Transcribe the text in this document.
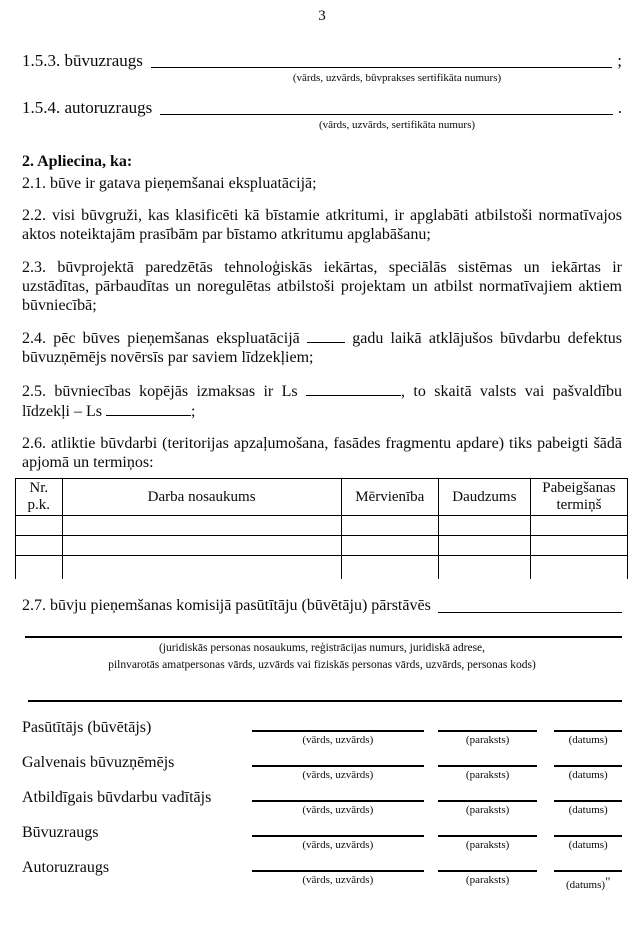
3
1.5.3. būvuzraugs	;
(vārds, uzvārds, būvprakses sertifikāta numurs)
1.5.4. autoruzraugs	.
(vārds, uzvārds, sertifikāta numurs)
2. Apliecina, ka:

2.1. būve ir gatava pieņemšanai ekspluatācijā;

2.2. visi būvgruži, kas klasificēti kā bīstamie atkritumi, ir apglabāti atbilstoši normatīvajos aktos noteiktajām prasībām par bīstamo atkritumu apglabāšanu;

2.3. būvprojektā paredzētās tehnoloģiskās iekārtas, speciālās sistēmas un iekārtas ir uzstādītas, pārbaudītas un noregulētas atbilstoši projektam un atbilst normatīvajiem aktiem būvniecībā;

2.4. pēc būves pieņemšanas ekspluatācijā  gadu laikā atklājušos būvdarbu defektus būvuzņēmējs novērsīs par saviem līdzekļiem;

2.5. būvniecības kopējās izmaksas ir Ls	, to skaitā valsts vai pašvaldību līdzekļi – Ls	;

2.6. atliktie būvdarbi (teritorijas apzaļumošana, fasādes fragmentu apdare) tiks pabeigti šādā apjomā un termiņos:

Nr. p.k.	Darba nosaukums	Mērvienība	Daudzums	Pabeigšanas termiņš

2.7. būvju pieņemšanas komisijā pasūtītāju (būvētāju) pārstāvēs
(juridiskās personas nosaukums, reģistrācijas numurs, juridiskā adrese,
pilnvarotās amatpersonas vārds, uzvārds vai fiziskās personas vārds, uzvārds, personas kods)
Pasūtītājs (būvētājs)
(vārds, uzvārds)	(paraksts)	(datums)
Galvenais būvuzņēmējs
(vārds, uzvārds)	(paraksts)	(datums)
Atbildīgais būvdarbu vadītājs
(vārds, uzvārds)	(paraksts)	(datums)
Būvuzraugs
(vārds, uzvārds)	(paraksts)	(datums)
Autoruzraugs
(vārds, uzvārds)	(paraksts)	(datums)"
